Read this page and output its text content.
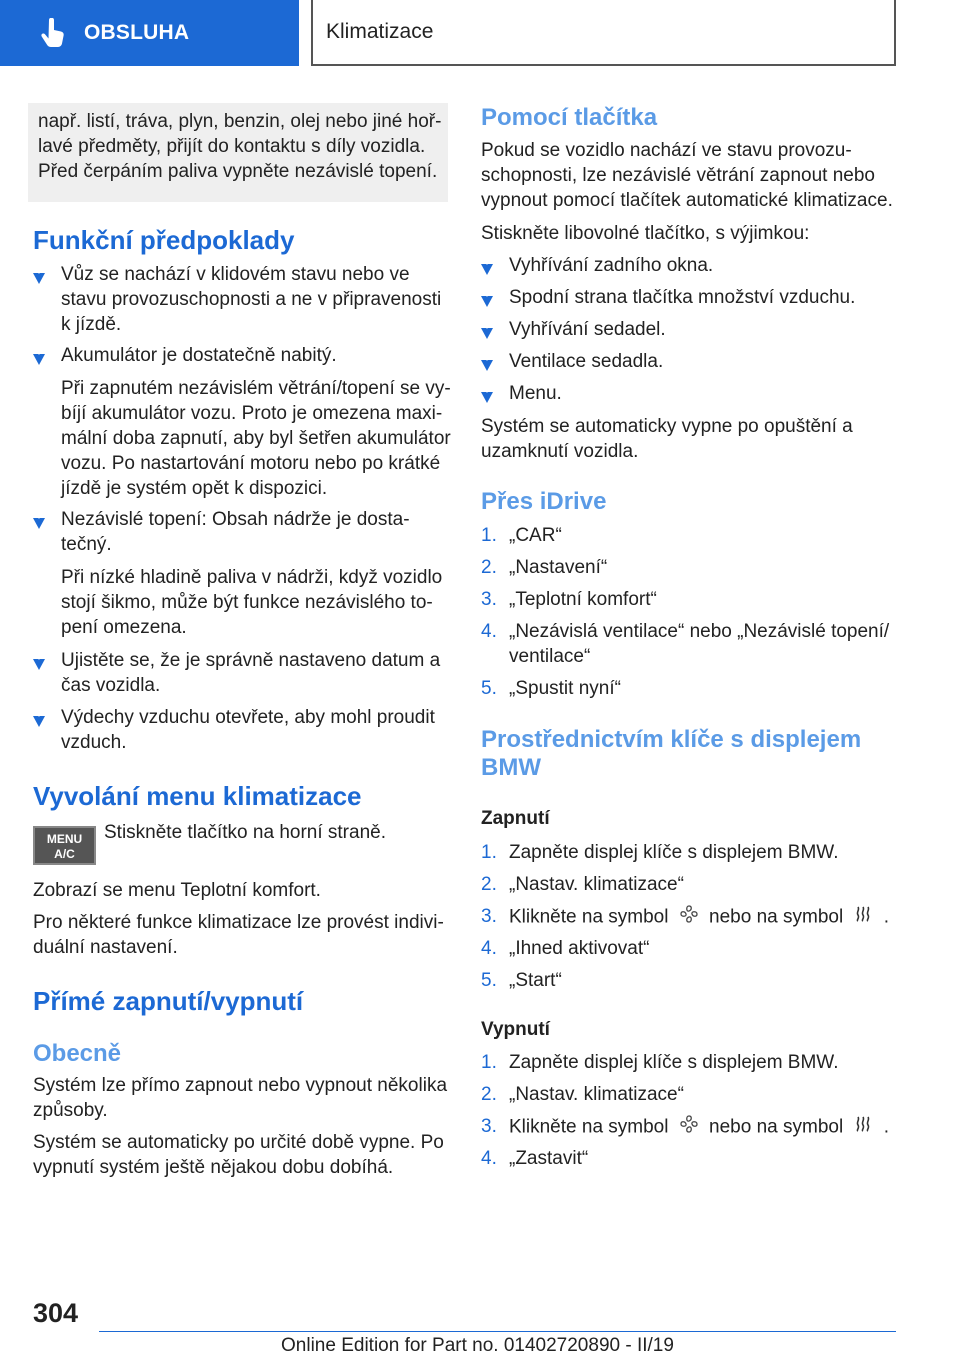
OBSLUHA	Klimatizace
např. listí, tráva, plyn, benzin, olej nebo jiné hoř-
lavé předměty, přijít do kontaktu s díly vozidla.
Před čerpáním paliva vypněte nezávislé topení.
Funkční předpoklady
Vůz se nachází v klidovém stavu nebo ve
stavu provozuschopnosti a ne v připravenosti
k jízdě.
Akumulátor je dostatečně nabitý.
Při zapnutém nezávislém větrání/topení se vy-
bíjí akumulátor vozu. Proto je omezena maxi-
mální doba zapnutí, aby byl šetřen akumulátor
vozu. Po nastartování motoru nebo po krátké
jízdě je systém opět k dispozici.
Nezávislé topení: Obsah nádrže je dosta-
tečný.
Při nízké hladině paliva v nádrži, když vozidlo
stojí šikmo, může být funkce nezávislého to-
pení omezena.
Ujistěte se, že je správně nastaveno datum a
čas vozidla.
Výdechy vzduchu otevřete, aby mohl proudit
vzduch.
Vyvolání menu klimatizace
MENU
A/C
Stiskněte tlačítko na horní straně.
Zobrazí se menu Teplotní komfort.
Pro některé funkce klimatizace lze provést indivi-
duální nastavení.
Přímé zapnutí/vypnutí
Obecně
Systém lze přímo zapnout nebo vypnout několika
způsoby.
Systém se automaticky po určité době vypne. Po
vypnutí systém ještě nějakou dobu dobíhá.
Pomocí tlačítka
Pokud se vozidlo nachází ve stavu provozu-
schopnosti, lze nezávislé větrání zapnout nebo
vypnout pomocí tlačítek automatické klimatizace.
Stiskněte libovolné tlačítko, s výjimkou:
Vyhřívání zadního okna.
Spodní strana tlačítka množství vzduchu.
Vyhřívání sedadel.
Ventilace sedadla.
Menu.
Systém se automaticky vypne po opuštění a
uzamknutí vozidla.
Přes iDrive
1. „CAR“
2. „Nastavení“
3. „Teplotní komfort“
4. „Nezávislá ventilace“ nebo „Nezávislé topení/
ventilace“
5. „Spustit nyní“
Prostřednictvím klíče s displejem
BMW
Zapnutí
1. Zapněte displej klíče s displejem BMW.
2. „Nastav. klimatizace“
3. Klikněte na symbol nebo na symbol .
4. „Ihned aktivovat“
5. „Start“
Vypnutí
1. Zapněte displej klíče s displejem BMW.
2. „Nastav. klimatizace“
3. Klikněte na symbol nebo na symbol .
4. „Zastavit“
304
Online Edition for Part no. 01402720890 - II/19
